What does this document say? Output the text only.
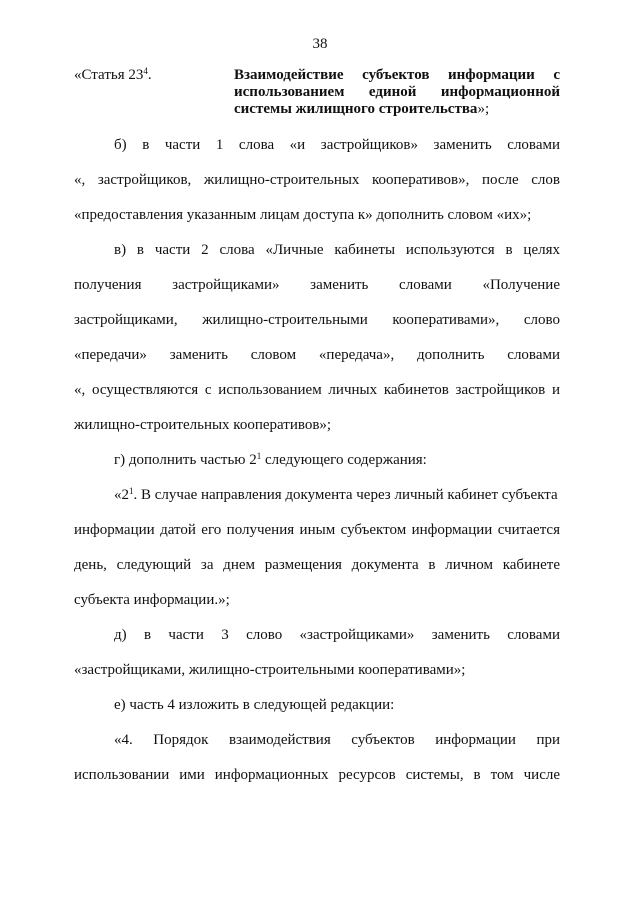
38
«Статья $23^4$.	Взаимодействие субъектов информации с использованием единой информационной системы жилищного строительства»;
б) в части 1 слова «и застройщиков» заменить словами
«, застройщиков, жилищно-строительных кооперативов», после слов
«предоставления указанным лицам доступа к» дополнить словом «их»;
в) в части 2 слова «Личные кабинеты используются в целях
получения застройщиками» заменить словами «Получение
застройщиками, жилищно-строительными кооперативами», слово
«передачи» заменить словом «передача», дополнить словами
«, осуществляются с использованием личных кабинетов застройщиков и
жилищно-строительных кооперативов»;
г) дополнить частью $2^1$ следующего содержания:
«$2^1$. В случае направления документа через личный кабинет субъекта
информации датой его получения иным субъектом информации считается
день, следующий за днем размещения документа в личном кабинете
субъекта информации.»;
д) в части 3 слово «застройщиками» заменить словами
«застройщиками, жилищно-строительными кооперативами»;
е) часть 4 изложить в следующей редакции:
«4. Порядок взаимодействия субъектов информации при
использовании ими информационных ресурсов системы, в том числе
